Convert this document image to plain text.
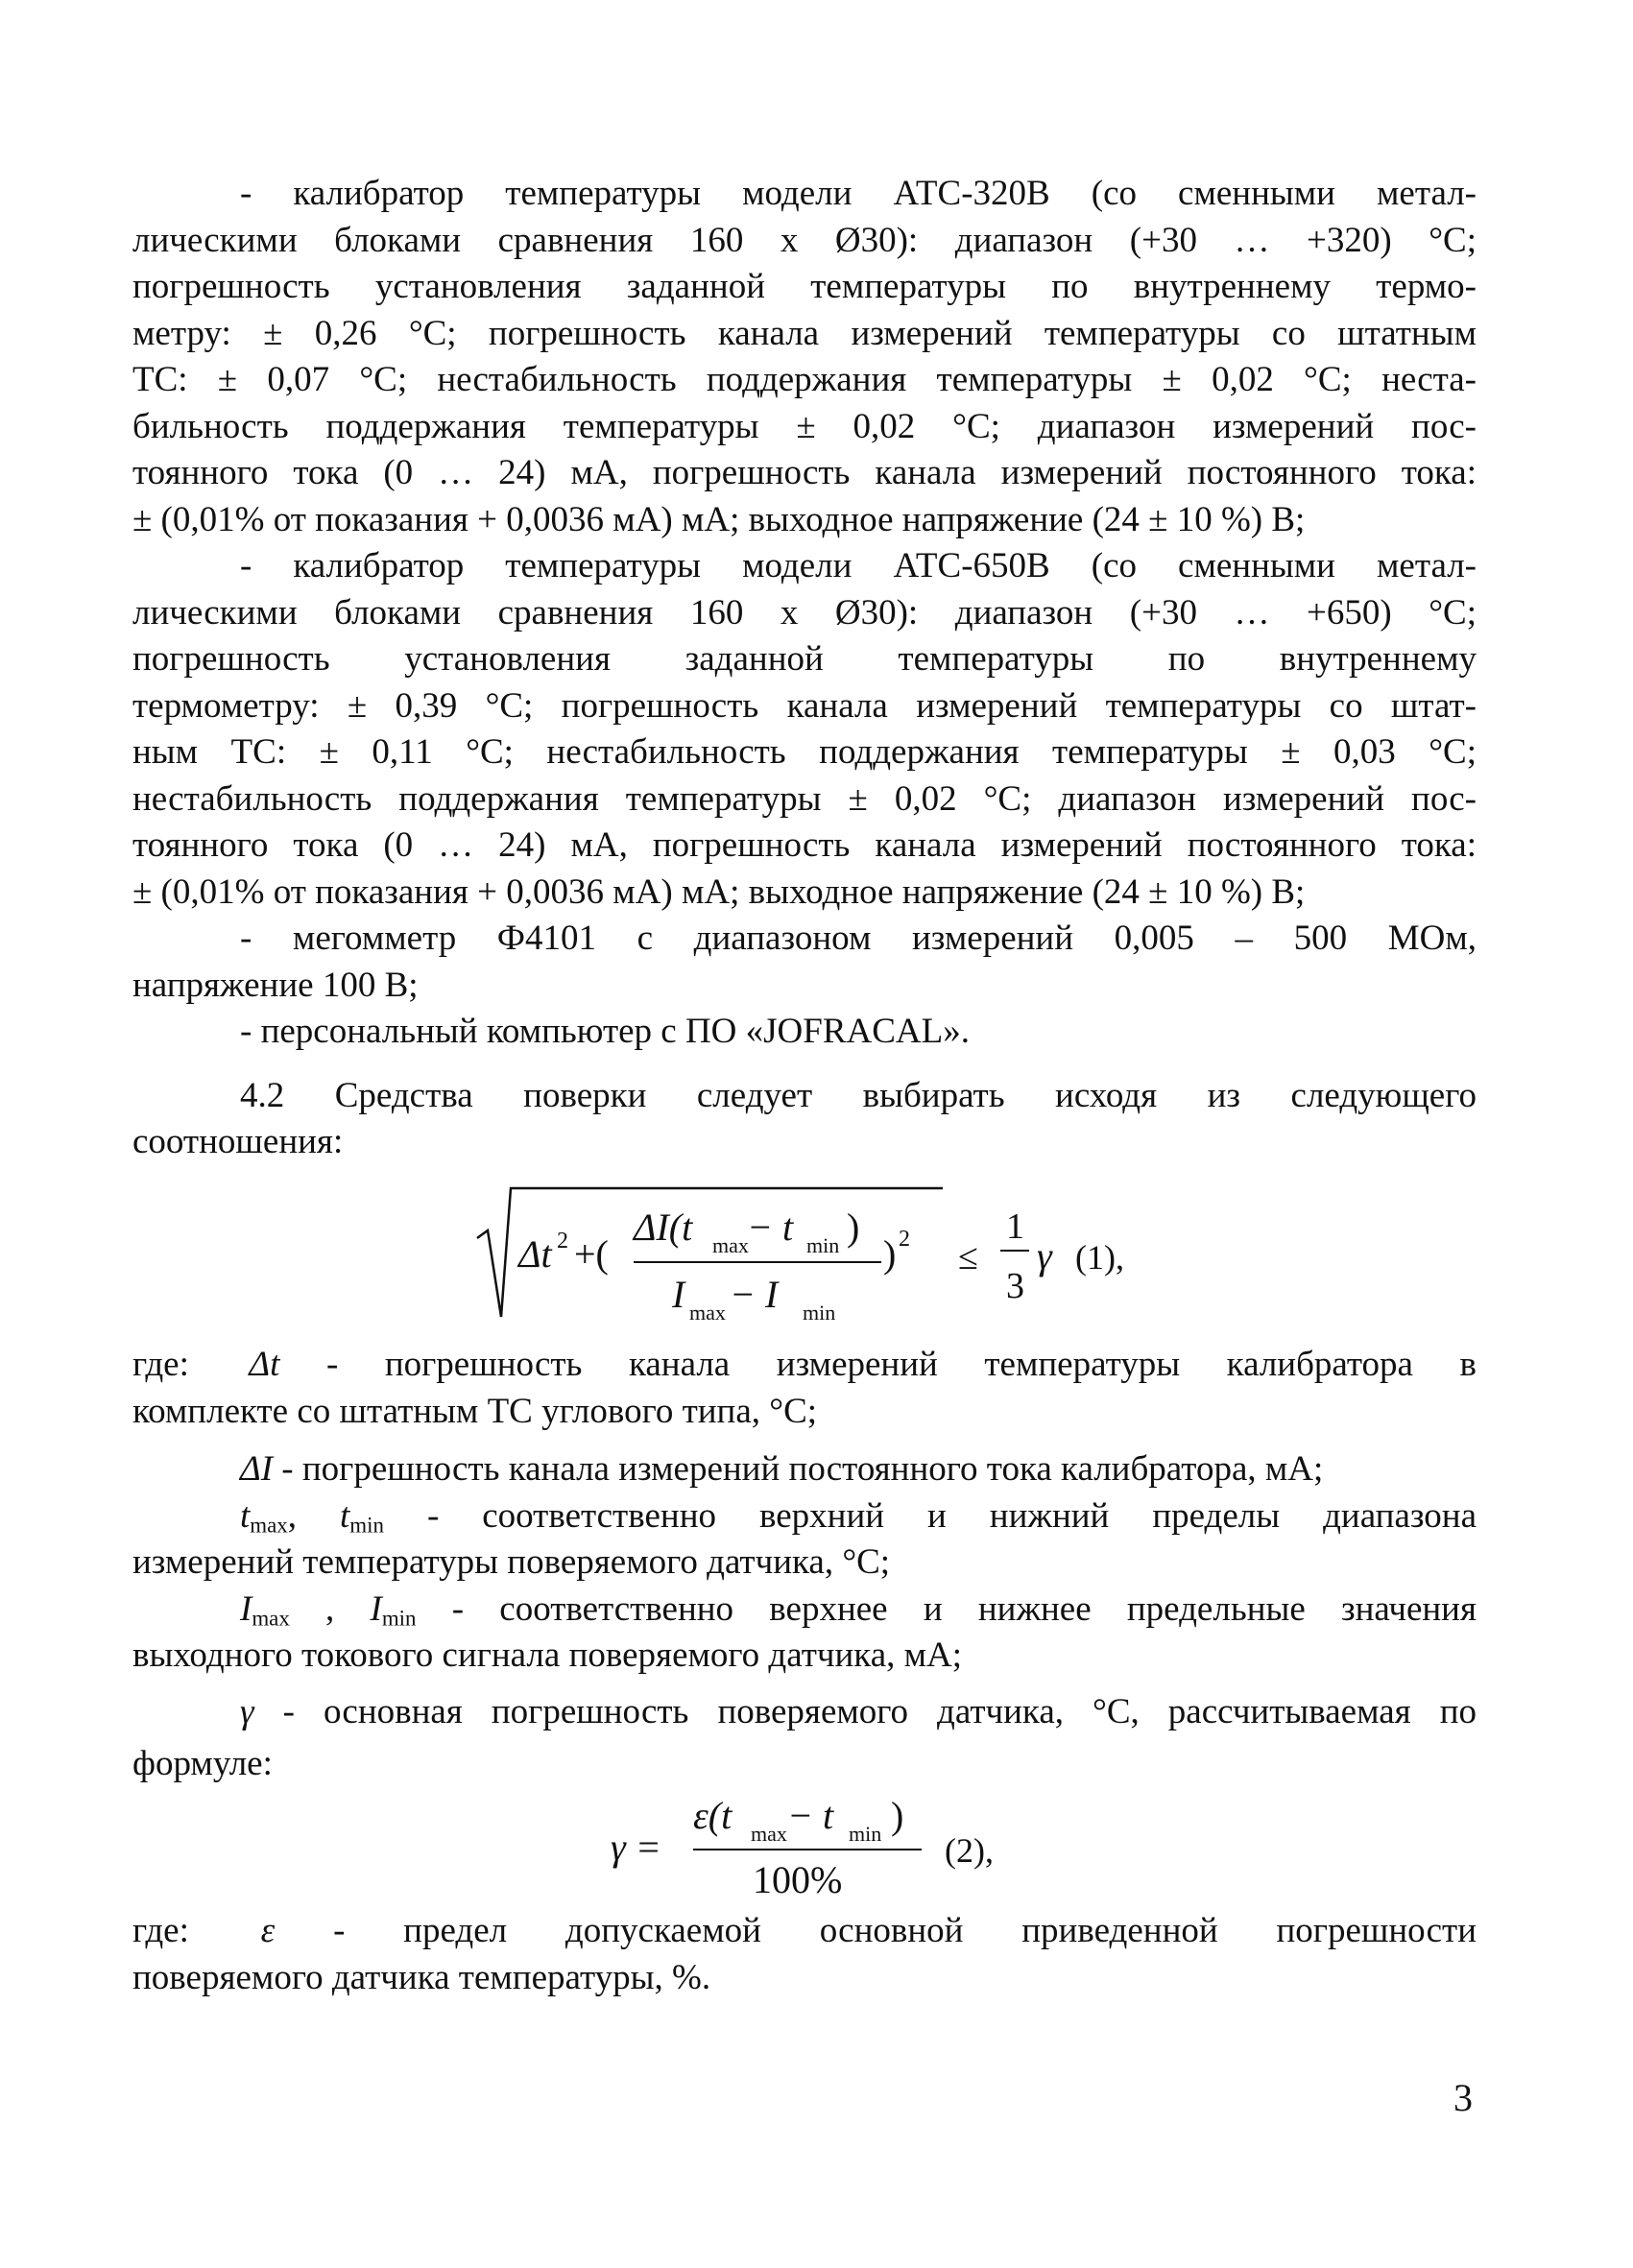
- калибратор температуры модели АТС-320В (со сменными метал-
лическими блоками сравнения 160 х Ø30): диапазон (+30 … +320) °С;
погрешность установления заданной температуры по внутреннему термо-
метру: ± 0,26 °С; погрешность канала измерений температуры со штатным
ТС: ± 0,07 °С; нестабильность поддержания температуры ± 0,02 °С; неста-
бильность поддержания температуры ± 0,02 °С; диапазон измерений пос-
тоянного тока (0 … 24) мА, погрешность канала измерений постоянного тока:
± (0,01% от показания + 0,0036 мА) мА; выходное напряжение (24 ± 10 %) В;
- калибратор температуры модели АТС-650В (со сменными метал-
лическими блоками сравнения 160 х Ø30): диапазон (+30 … +650) °С;
погрешность установления заданной температуры по внутреннему
термометру: ± 0,39 °С; погрешность канала измерений температуры со штат-
ным ТС: ± 0,11 °С; нестабильность поддержания температуры ± 0,03 °С;
нестабильность поддержания температуры ± 0,02 °С; диапазон измерений пос-
тоянного тока (0 … 24) мА, погрешность канала измерений постоянного тока:
± (0,01% от показания + 0,0036 мА) мА; выходное напряжение (24 ± 10 %) В;
- мегомметр Ф4101 с диапазоном измерений 0,005 – 500 МОм,
напряжение 100 В;
- персональный компьютер с ПО «JOFRACAL».
4.2 Средства поверки следует выбирать исходя из следующего
соотношения:
Δt 2 +(
ΔI(t max
− t min )
I max − I min
) 2 ≤
1
3
γ (1),
где: Δt - погрешность канала измерений температуры калибратора в
комплекте со штатным ТС углового типа, °С;
ΔI - погрешность канала измерений постоянного тока калибратора, мА;
$t_{max}$, $t_{min}$ - соответственно верхний и нижний пределы диапазона
измерений температуры поверяемого датчика, °С;
$I_{max}$ , $I_{min}$ - соответственно верхнее и нижнее предельные значения
выходного токового сигнала поверяемого датчика, мА;
γ - основная погрешность поверяемого датчика, °С, рассчитываемая по
формуле:
γ =
ε(t max − t min )
100%
(2),
где: ε - предел допускаемой основной приведенной погрешности
поверяемого датчика температуры, %.
3
